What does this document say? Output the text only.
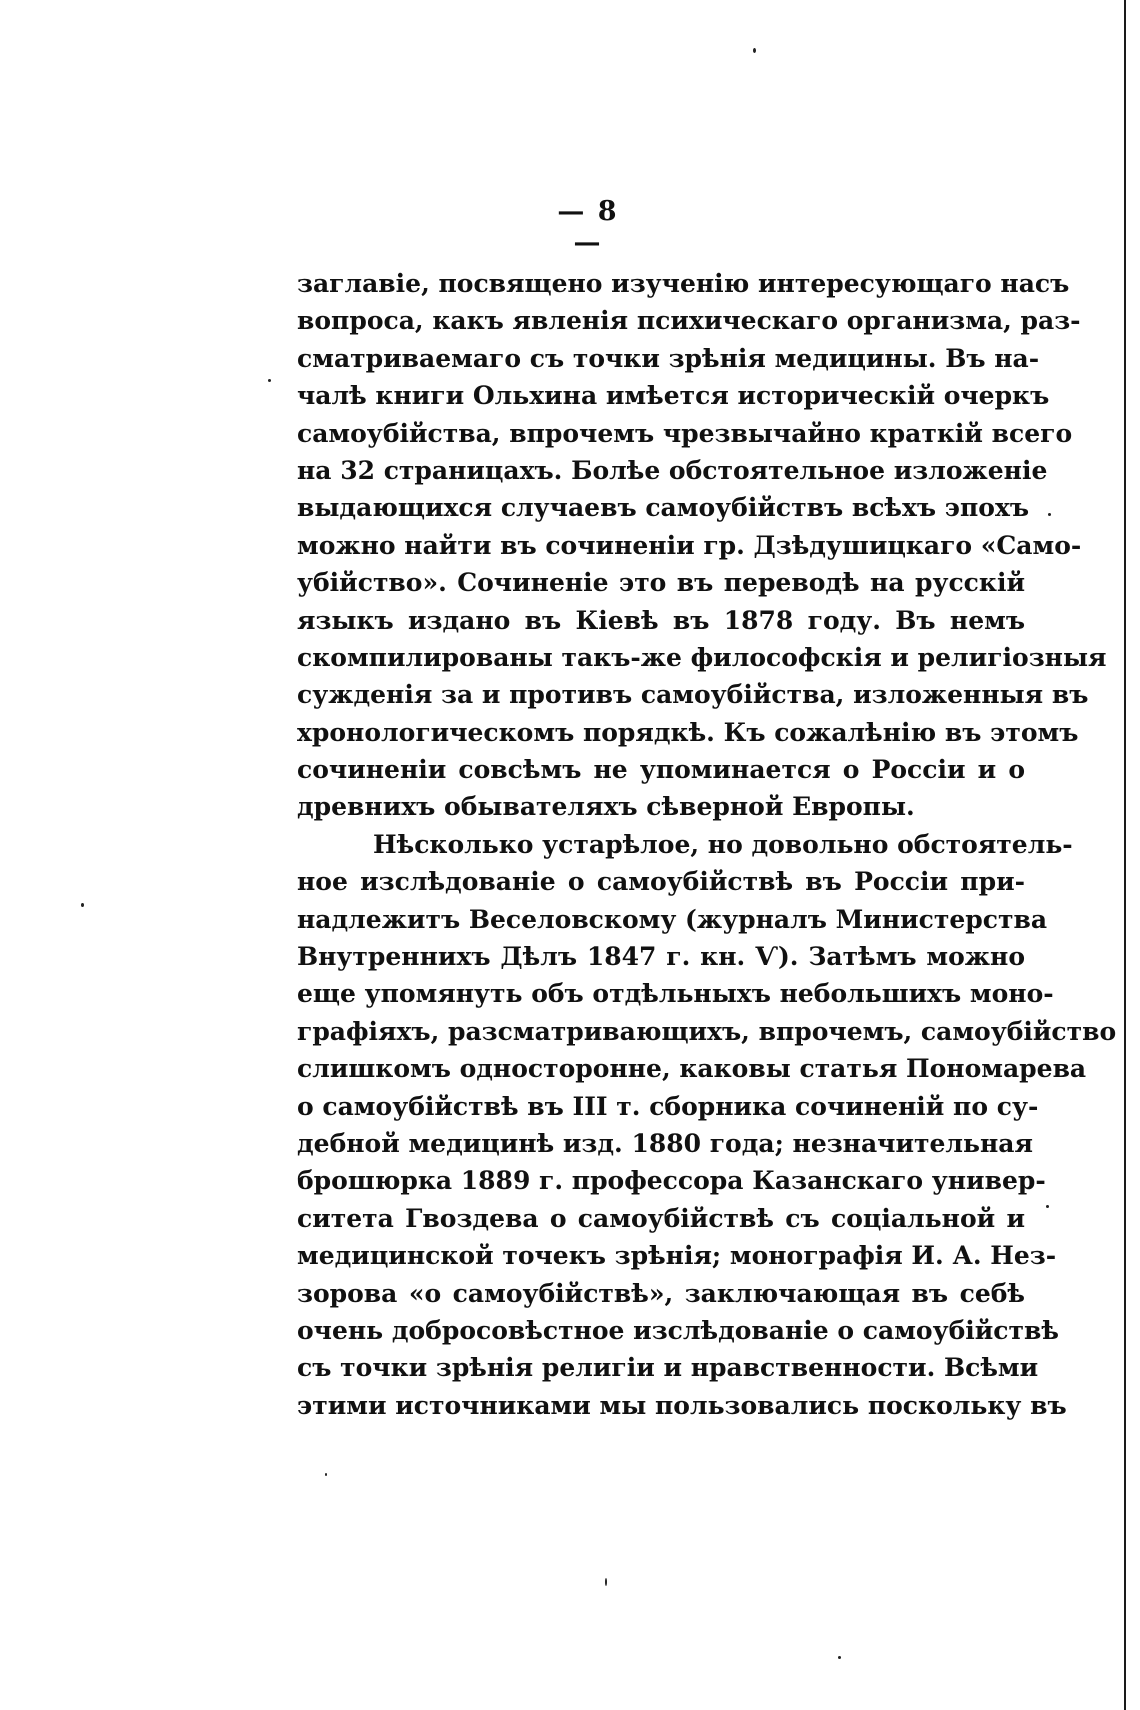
— 8 —
заглавіе, посвящено изученію интересующаго насъ
вопроса, какъ явленія психическаго организма, раз-
сматриваемаго съ точки зрѣнія медицины. Въ на-
чалѣ книги Ольхина имѣется историческій очеркъ
самоубійства, впрочемъ чрезвычайно краткій всего
на 32 страницахъ. Болѣе обстоятельное изложеніе
выдающихся случаевъ самоубійствъ всѣхъ эпохъ
можно найти въ сочиненіи гр. Дзѣдушицкаго «Само-
убійство». Сочиненіе это въ переводѣ на русскій
языкъ издано въ Кіевѣ въ 1878 году. Въ немъ
скомпилированы такъ-же философскія и религіозныя
сужденія за и противъ самоубійства, изложенныя въ
хронологическомъ порядкѣ. Къ сожалѣнію въ этомъ
сочиненіи совсѣмъ не упоминается о Россіи и о
древнихъ обывателяхъ сѣверной Европы.
Нѣсколько устарѣлое, но довольно обстоятель-
ное изслѣдованіе о самоубійствѣ въ Россіи при-
надлежитъ Веселовскому (журналъ Министерства
Внутреннихъ Дѣлъ 1847 г. кн. Ѵ). Затѣмъ можно
еще упомянуть объ отдѣльныхъ небольшихъ моно-
графіяхъ, разсматривающихъ, впрочемъ, самоубійство
слишкомъ односторонне, каковы статья Пономарева
о самоубійствѣ въ III т. сборника сочиненій по су-
дебной медицинѣ изд. 1880 года; незначительная
брошюрка 1889 г. профессора Казанскаго универ-
ситета Гвоздева о самоубійствѣ съ соціальной и
медицинской точекъ зрѣнія; монографія И. А. Нез-
зорова «о самоубійствѣ», заключающая въ себѣ
очень добросовѣстное изслѣдованіе о самоубійствѣ
съ точки зрѣнія религіи и нравственности. Всѣми
этими источниками мы пользовались поскольку въ
